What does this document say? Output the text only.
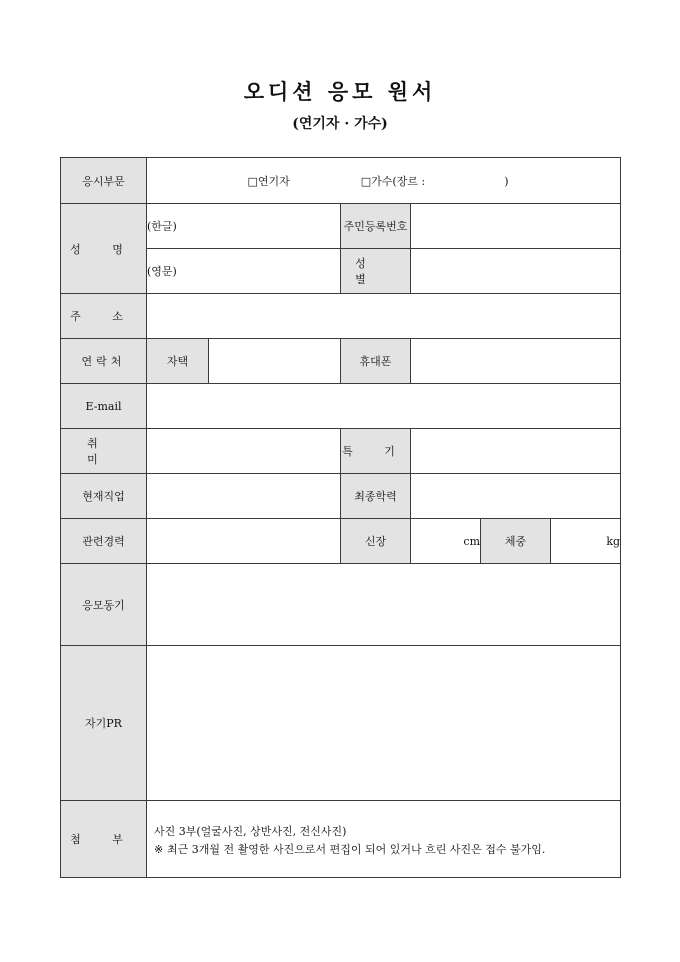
오디션 응모 원서
(연기자 · 가수)
응시부문	□연기자 □가수(장르 : )					
성 명	(한글)		주민등록번호			
	(영문)		성 별			
주 소						
연락처	자택		휴대폰			
E-mail						
취 미			특 기			
현재직업			최종학력			
관련경력			신장	cm	체중	kg
응모동기						
자기PR						
첨 부	사진 3부(얼굴사진, 상반사진, 전신사진)
※ 최근 3개월 전 촬영한 사진으로서 편집이 되어 있거나 흐린 사진은 접수 불가임.					
